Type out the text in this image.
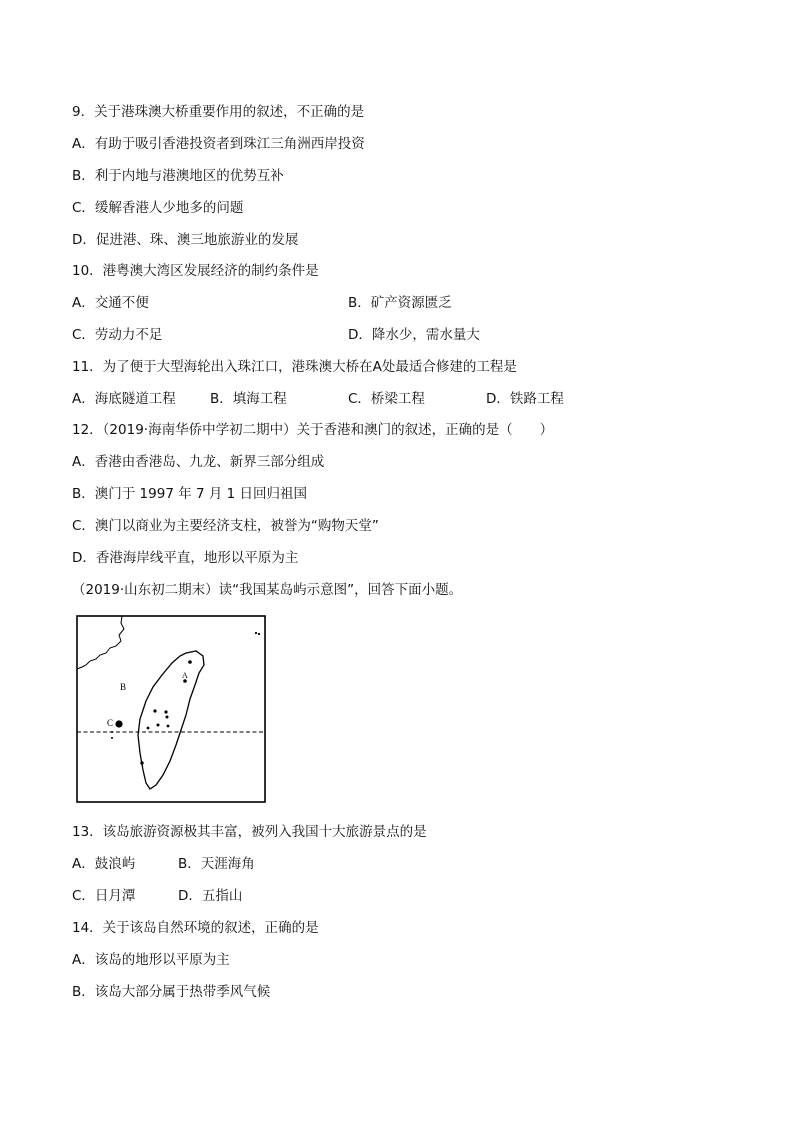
9．关于港珠澳大桥重要作用的叙述，不正确的是
A．有助于吸引香港投资者到珠江三角洲西岸投资
B．利于内地与港澳地区的优势互补
C．缓解香港人少地多的问题
D．促进港、珠、澳三地旅游业的发展
10．港粤澳大湾区发展经济的制约条件是
A．交通不便	B．矿产资源匮乏
C．劳动力不足	D．降水少，需水量大
11．为了便于大型海轮出入珠江口，港珠澳大桥在A处最适合修建的工程是
A．海底隧道工程	B．填海工程	C．桥梁工程	D．铁路工程
12．（2019·海南华侨中学初二期中）关于香港和澳门的叙述，正确的是（　　）
A．香港由香港岛、九龙、新界三部分组成
B．澳门于 1997 年 7 月 1 日回归祖国
C．澳门以商业为主要经济支柱，被誉为“购物天堂”
D．香港海岸线平直，地形以平原为主
（2019·山东初二期末）读“我国某岛屿示意图”，回答下面小题。
A
B
C
13．该岛旅游资源极其丰富，被列入我国十大旅游景点的是
A．鼓浪屿	B．天涯海角
C．日月潭	D．五指山
14．关于该岛自然环境的叙述，正确的是
A．该岛的地形以平原为主
B．该岛大部分属于热带季风气候
